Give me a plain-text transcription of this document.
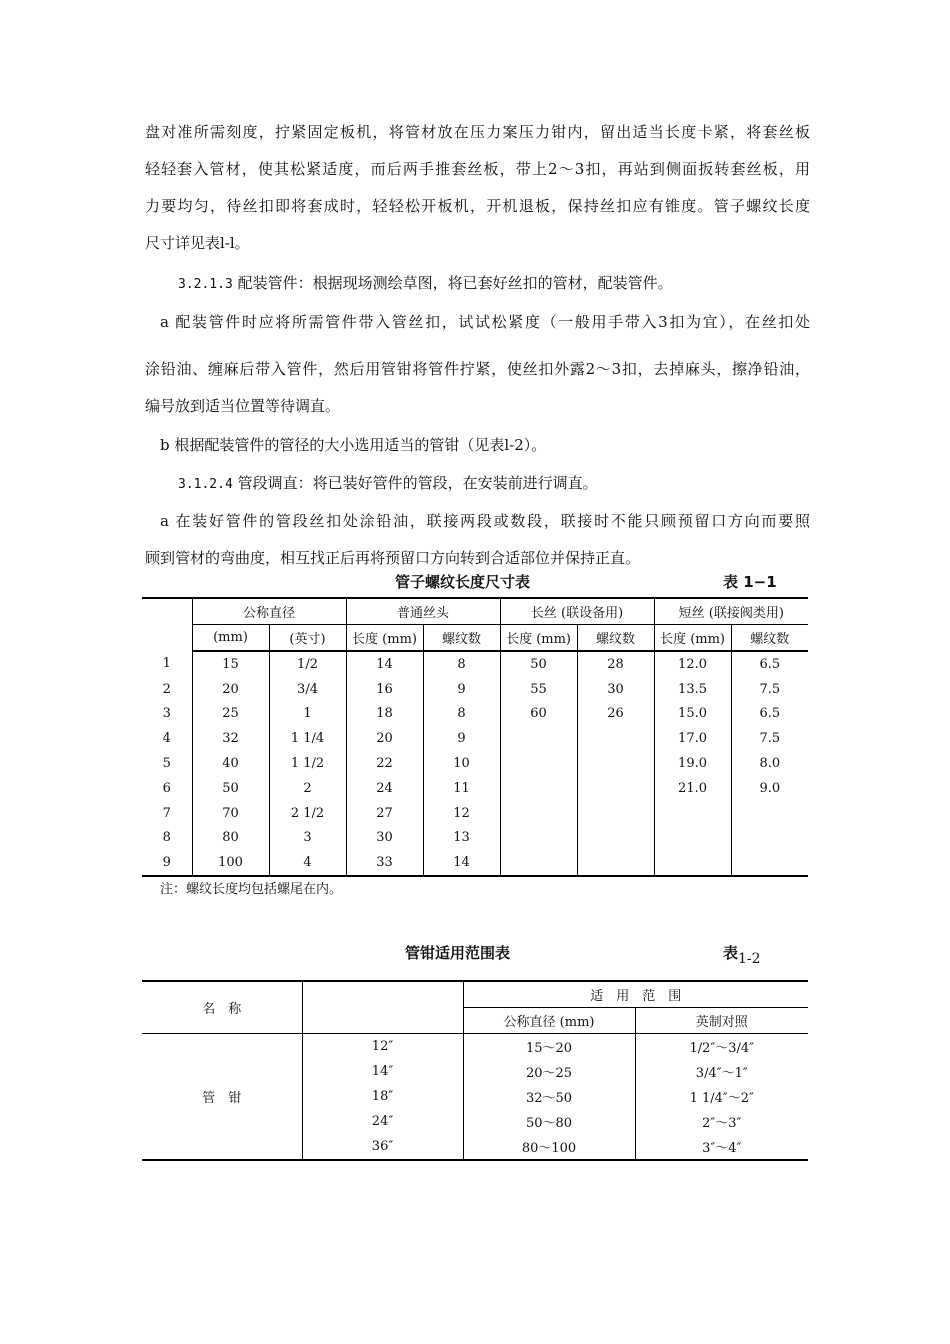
盘对准所需刻度，拧紧固定板机，将管材放在压力案压力钳内，留出适当长度卡紧，将套丝板
轻轻套入管材，使其松紧适度，而后两手推套丝板，带上2～3扣，再站到侧面扳转套丝板，用
力要均匀，待丝扣即将套成时，轻轻松开板机，开机退板，保持丝扣应有锥度。管子螺纹长度
尺寸详见表l-l。
3.2.1.3 配装管件：根据现场测绘草图，将已套好丝扣的管材，配装管件。
a 配装管件时应将所需管件带入管丝扣，试试松紧度（一般用手带入3扣为宜），在丝扣处
涂铅油、缠麻后带入管件，然后用管钳将管件拧紧，使丝扣外露2～3扣，去掉麻头，擦净铅油，
编号放到适当位置等待调直。
b 根据配装管件的管径的大小选用适当的管钳（见表l-2）。
3.1.2.4 管段调直：将已装好管件的管段，在安装前进行调直。
a 在装好管件的管段丝扣处涂铅油，联接两段或数段，联接时不能只顾预留口方向而要照
顾到管材的弯曲度，相互找正后再将预留口方向转到合适部位并保持正直。
管子螺纹长度尺寸表	表 1−1
	公称直径		普通丝头		长丝 (联设备用)		短丝 (联接阀类用)	
	(mm)	(英寸)	长度 (mm)	螺纹数	长度 (mm)	螺纹数	长度 (mm)	螺纹数
1	15	1/2	14	8	50	28	12.0	6.5
2	20	3/4	16	9	55	30	13.5	7.5
3	25	1	18	8	60	26	15.0	6.5
4	32	1 1/4	20	9			17.0	7.5
5	40	1 1/2	22	10			19.0	8.0
6	50	2	24	11			21.0	9.0
7	70	2 1/2	27	12				
8	80	3	30	13				
9	100	4	33	14				
注：螺纹长度均包括螺尾在内。
管钳适用范围表	表1-2
名　称		适　用　范　围	
		公称直径 (mm)	英制对照
管　钳	12″	15～20	1/2″～3/4″
	14″	20～25	3/4″～1″
	18″	32～50	1 1/4″～2″
	24″	50～80	2″～3″
	36″	80～100	3″～4″
